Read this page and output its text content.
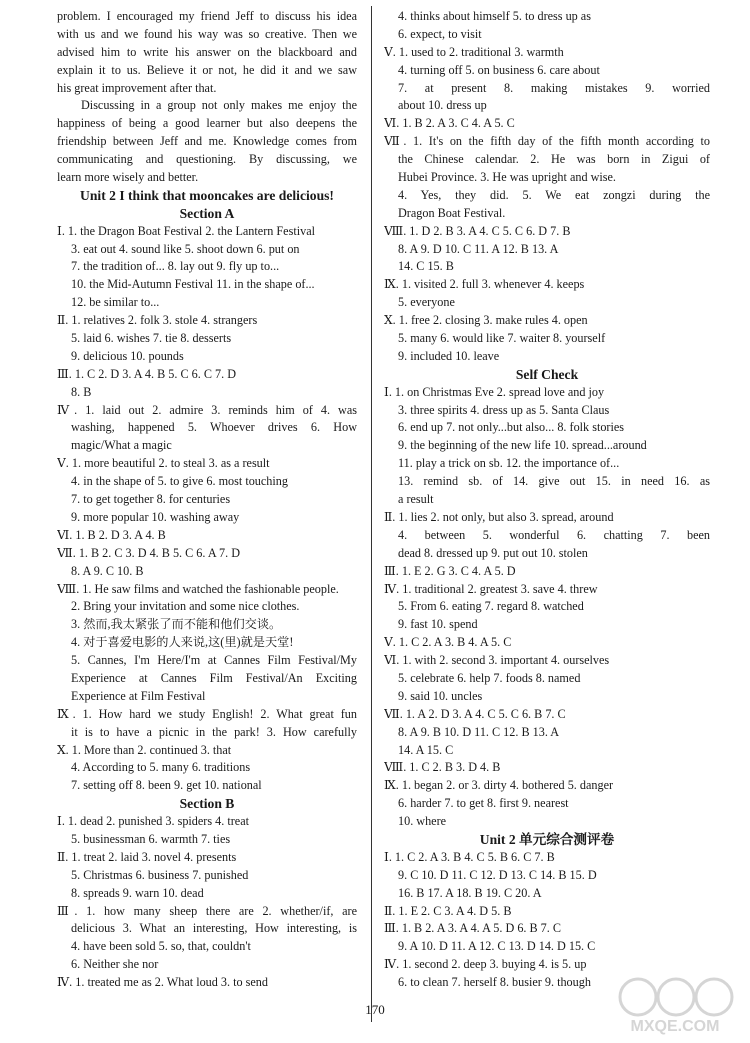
problem. I encouraged my friend Jeff to discuss his idea
with us and we found his way was so creative. Then we
advised him to write his answer on the blackboard and
explain it to us. Believe it or not, he did it and we saw
his great improvement after that.
Discussing in a group not only makes me enjoy the
happiness of being a good learner but also deepens the
friendship between Jeff and me. Knowledge comes from
communicating and questioning. By discussing, we
learn more wisely and better.
Unit 2 I think that mooncakes are delicious!
Section A
Ⅰ. 1. the Dragon Boat Festival 2. the Lantern Festival
3. eat out 4. sound like 5. shoot down 6. put on
7. the tradition of... 8. lay out 9. fly up to...
10. the Mid-Autumn Festival 11. in the shape of...
12. be similar to...
Ⅱ. 1. relatives 2. folk 3. stole 4. strangers
5. laid 6. wishes 7. tie 8. desserts
9. delicious 10. pounds
Ⅲ. 1. C 2. D 3. A 4. B 5. C 6. C 7. D
8. B
Ⅳ. 1. laid out 2. admire 3. reminds him of 4. was
washing, happened 5. Whoever drives 6. How
magic/What a magic
Ⅴ. 1. more beautiful 2. to steal 3. as a result
4. in the shape of 5. to give 6. most touching
7. to get together 8. for centuries
9. more popular 10. washing away
Ⅵ. 1. B 2. D 3. A 4. B
Ⅶ. 1. B 2. C 3. D 4. B 5. C 6. A 7. D
8. A 9. C 10. B
Ⅷ. 1. He saw films and watched the fashionable people.
2. Bring your invitation and some nice clothes.
3. 然而,我太紧张了而不能和他们交谈。
4. 对于喜爱电影的人来说,这(里)就是天堂!
5. Cannes, I'm Here/I'm at Cannes Film Festival/My
Experience at Cannes Film Festival/An Exciting
Experience at Film Festival
Ⅸ. 1. How hard we study English! 2. What great fun
it is to have a picnic in the park! 3. How carefully
Ⅹ. 1. More than 2. continued 3. that
4. According to 5. many 6. traditions
7. setting off 8. been 9. get 10. national
Section B
Ⅰ. 1. dead 2. punished 3. spiders 4. treat
5. businessman 6. warmth 7. ties
Ⅱ. 1. treat 2. laid 3. novel 4. presents
5. Christmas 6. business 7. punished
8. spreads 9. warn 10. dead
Ⅲ. 1. how many sheep there are 2. whether/if, are
delicious 3. What an interesting, How interesting, is
4. have been sold 5. so, that, couldn't
6. Neither she nor
Ⅳ. 1. treated me as 2. What loud 3. to send
4. thinks about himself 5. to dress up as
6. expect, to visit
Ⅴ. 1. used to 2. traditional 3. warmth
4. turning off 5. on business 6. care about
7. at present 8. making mistakes 9. worried
about 10. dress up
Ⅵ. 1. B 2. A 3. C 4. A 5. C
Ⅶ. 1. It's on the fifth day of the fifth month according to
the Chinese calendar. 2. He was born in Zigui of
Hubei Province. 3. He was upright and wise.
4. Yes, they did. 5. We eat zongzi during the
Dragon Boat Festival.
Ⅷ. 1. D 2. B 3. A 4. C 5. C 6. D 7. B
8. A 9. D 10. C 11. A 12. B 13. A
14. C 15. B
Ⅸ. 1. visited 2. full 3. whenever 4. keeps
5. everyone
Ⅹ. 1. free 2. closing 3. make rules 4. open
5. many 6. would like 7. waiter 8. yourself
9. included 10. leave
Self Check
Ⅰ. 1. on Christmas Eve 2. spread love and joy
3. three spirits 4. dress up as 5. Santa Claus
6. end up 7. not only...but also... 8. folk stories
9. the beginning of the new life 10. spread...around
11. play a trick on sb. 12. the importance of...
13. remind sb. of 14. give out 15. in need 16. as
a result
Ⅱ. 1. lies 2. not only, but also 3. spread, around
4. between 5. wonderful 6. chatting 7. been
dead 8. dressed up 9. put out 10. stolen
Ⅲ. 1. E 2. G 3. C 4. A 5. D
Ⅳ. 1. traditional 2. greatest 3. save 4. threw
5. From 6. eating 7. regard 8. watched
9. fast 10. spend
Ⅴ. 1. C 2. A 3. B 4. A 5. C
Ⅵ. 1. with 2. second 3. important 4. ourselves
5. celebrate 6. help 7. foods 8. named
9. said 10. uncles
Ⅶ. 1. A 2. D 3. A 4. C 5. C 6. B 7. C
8. A 9. B 10. D 11. C 12. B 13. A
14. A 15. C
Ⅷ. 1. C 2. B 3. D 4. B
Ⅸ. 1. began 2. or 3. dirty 4. bothered 5. danger
6. harder 7. to get 8. first 9. nearest
10. where
Unit 2 单元综合测评卷
Ⅰ. 1. C 2. A 3. B 4. C 5. B 6. C 7. B
9. C 10. D 11. C 12. D 13. C 14. B 15. D
16. B 17. A 18. B 19. C 20. A
Ⅱ. 1. E 2. C 3. A 4. D 5. B
Ⅲ. 1. B 2. A 3. A 4. A 5. D 6. B 7. C
9. A 10. D 11. A 12. C 13. D 14. D 15. C
Ⅳ. 1. second 2. deep 3. buying 4. is 5. up
6. to clean 7. herself 8. busier 9. though
170
MXQE.COM
